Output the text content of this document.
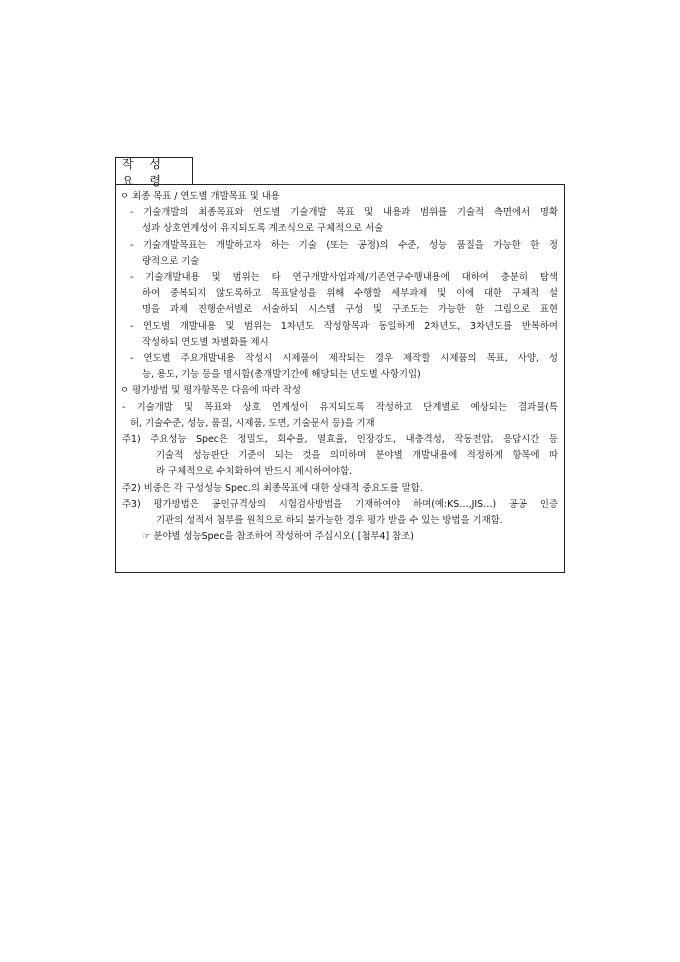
작 성 요 령
ㅇ 최종 목표 / 연도별 개발목표 및 내용
- 기술개발의 최종목표와 연도별 기술개발 목표 및 내용과 범위를 기술적 측면에서 명확
성과 상호연계성이 유지되도록 계조식으로 구체적으로 서술
- 기술개발목표는 개발하고자 하는 기술 (또는 공정)의 수준, 성능 품질을 가능한 한 정
량적으로 기술
- 기술개발내용 및 범위는 타 연구개발사업과제/기존연구수행내용에 대하여 충분히 탐색
하여 중복되지 않도록하고 목표달성을 위해 수행할 세부과제 및 이에 대한 구체적 설
명을 과제 진행순서별로 서술하되 시스템 구성 및 구조도는 가능한 한 그림으로 표현
- 연도별 개발내용 및 범위는 1차년도 작성항목과 동일하게 2차년도, 3차년도를 반복하여
작성하되 연도별 차별화를 제시
- 연도별 주요개발내용 작성시 시제품이 제작되는 경우 제작할 시제품의 목표, 사양, 성
능, 용도, 기능 등을 명시함(총개발기간에 해당되는 년도별 사항기입)
ㅇ 평가방법 및 평가항목은 다음에 따라 작성
- 기술개발 및 목표와 상호 연계성이 유지되도록 작성하고 단계별로 예상되는 결과물(특
허, 기술수준, 성능, 품질, 시제품, 도면, 기술문서 등)을 기재
주1) 주요성능 Spec은 정밀도, 회수율, 열효율, 인장강도, 내충격성, 작동전압, 응답시간 등
기술적 성능판단 기준이 되는 것을 의미하며 분야별 개발내용에 적정하게 항목에 따
라 구체적으로 수치화하여 반드시 제시하여야함.
주2) 비중은 각 구성성능 Spec.의 최종목표에 대한 상대적 중요도를 말함.
주3) 평가방법은 공인규격상의 시험검사방법을 기재하여야 하며(예:KS…,JIS…) 공공 인증
기관의 성적서 첨부를 원칙으로 하되 불가능한 경우 평가 받을 수 있는 방법을 기재함.
☞ 분야별 성능Spec을 참조하여 작성하여 주십시오( [첨부4] 참조)
